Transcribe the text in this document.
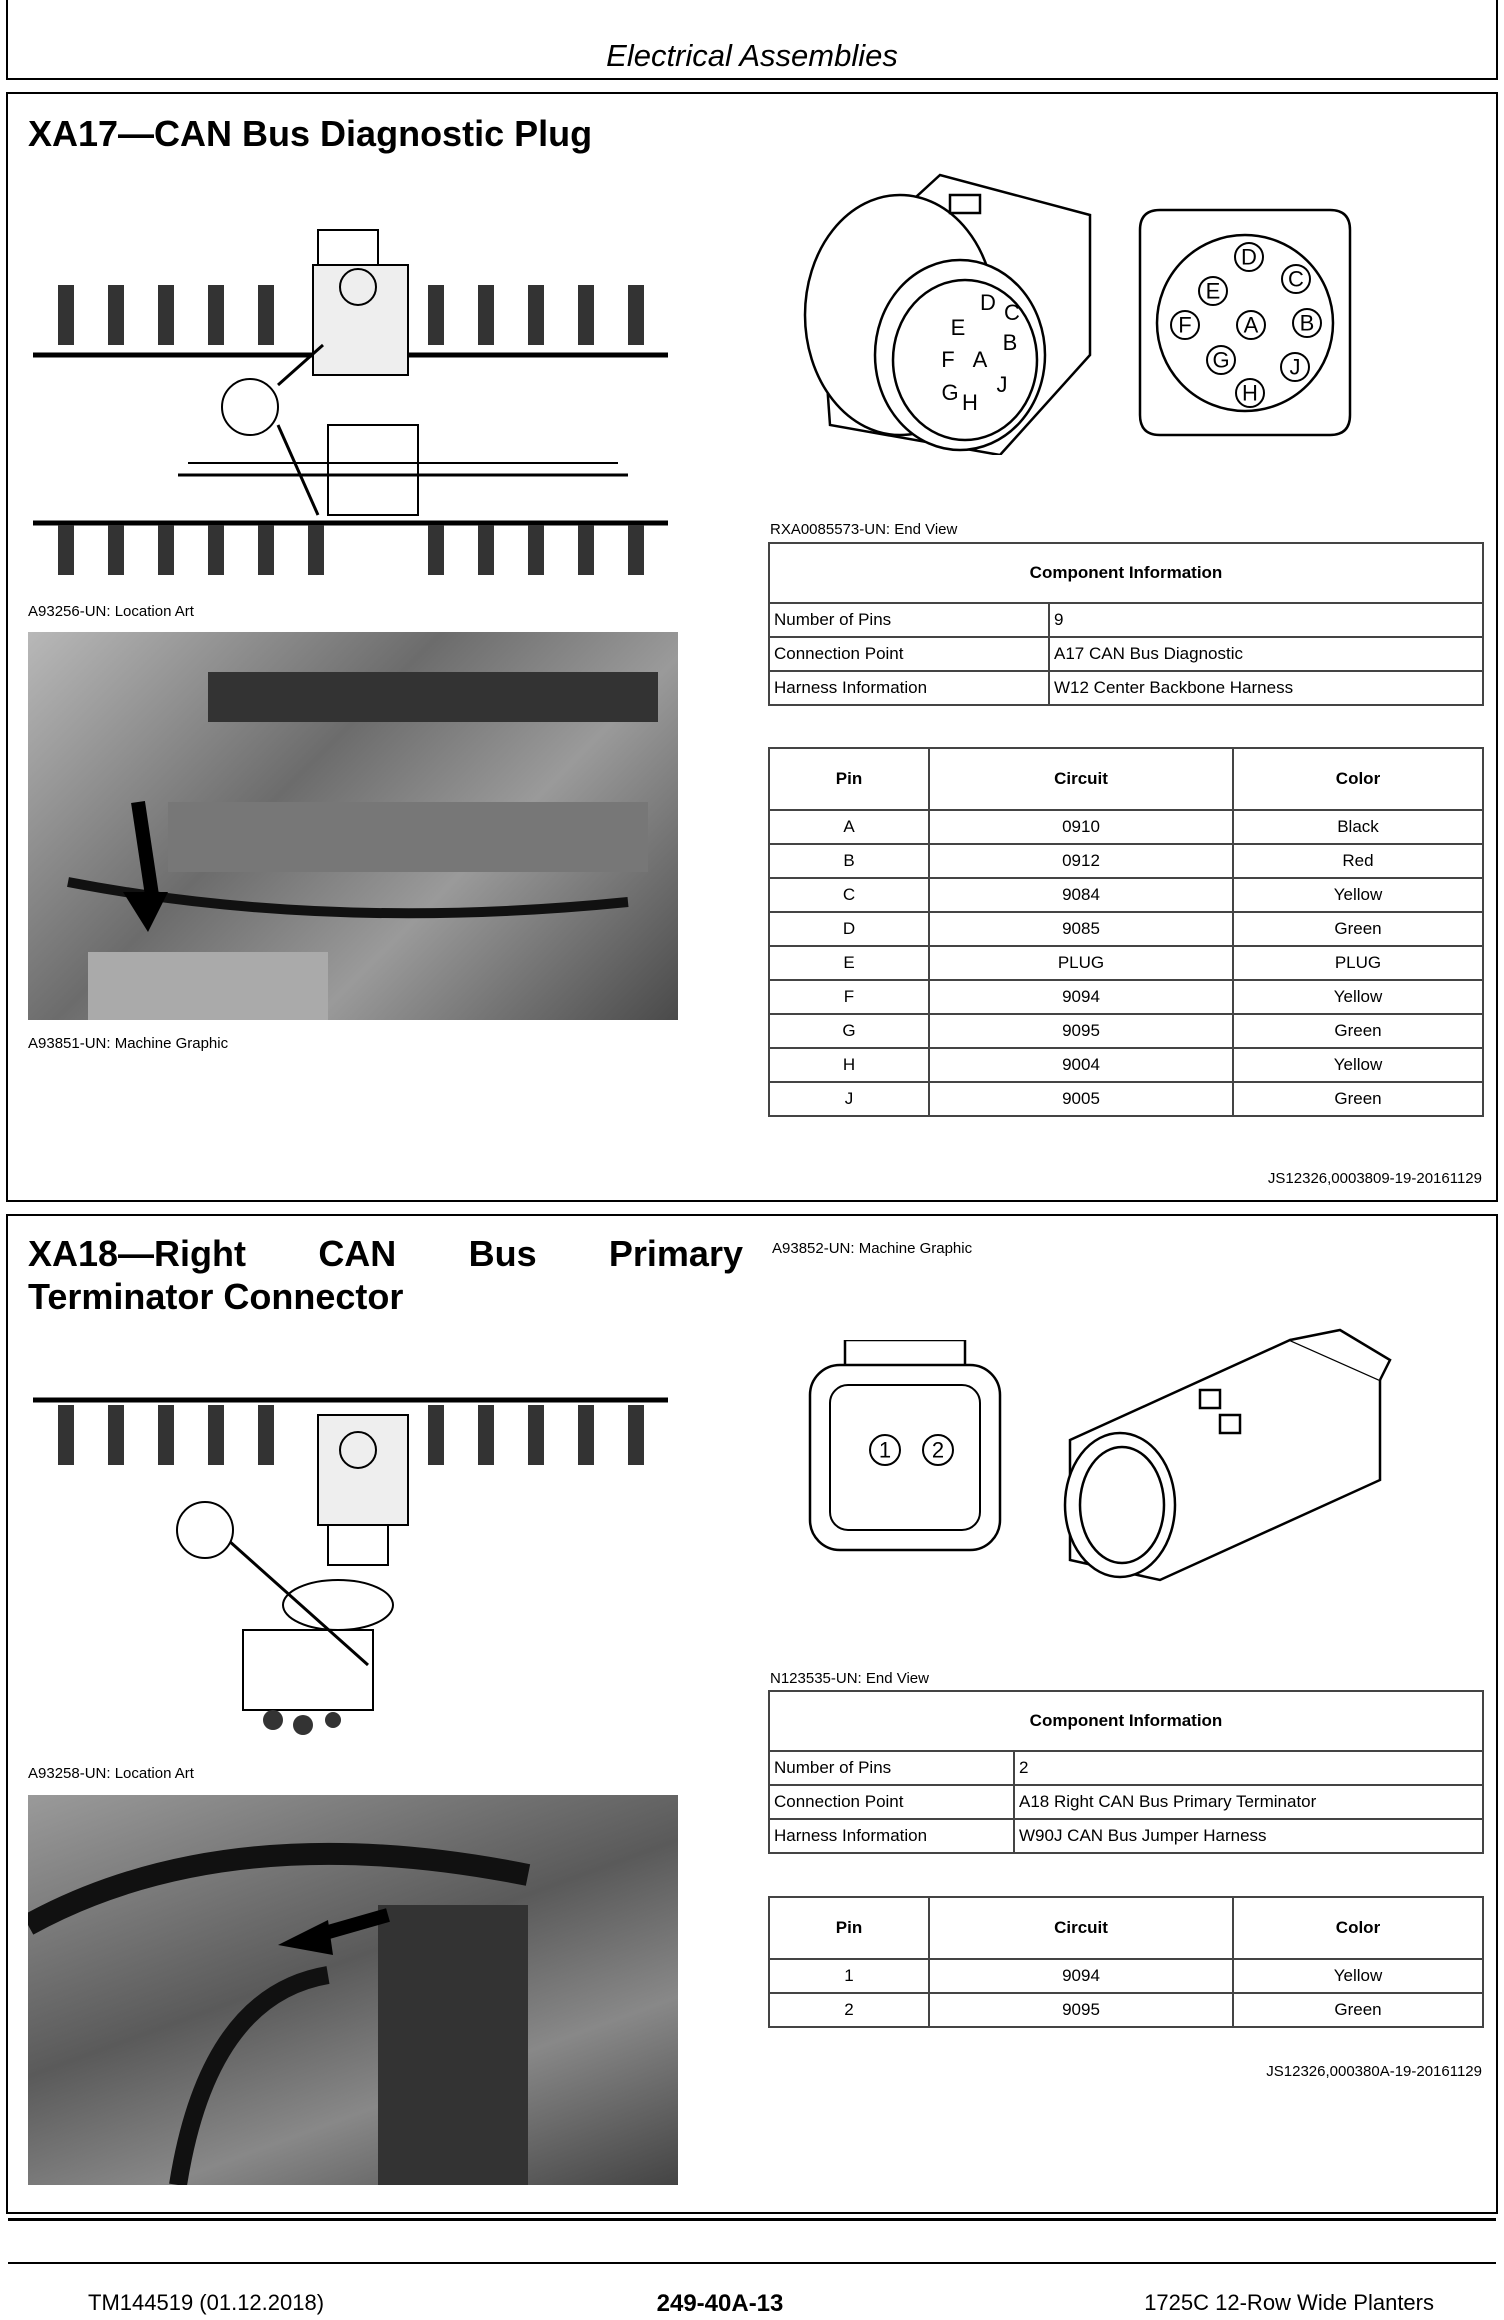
Electrical Assemblies
XA17—CAN Bus Diagnostic Plug
A93256-UN: Location Art
A93851-UN: Machine Graphic
D C
E
B
F A
G H
J
D
C
E
B
F A
G	J
H
RXA0085573-UN: End View
Component Information	
Number of Pins	9
Connection Point	A17 CAN Bus Diagnostic
Harness Information	W12 Center Backbone Harness
Pin	Circuit	Color
A	0910	Black
B	0912	Red
C	9084	Yellow
D	9085	Green
E	PLUG	PLUG
F	9094	Yellow
G	9095	Green
H	9004	Yellow
J	9005	Green
JS12326,0003809-19-20161129
XA18—Right CAN Bus Primary
Terminator Connector
A93852-UN: Machine Graphic
A93258-UN: Location Art
1 2
N123535-UN: End View
Component Information	
Number of Pins	2
Connection Point	A18 Right CAN Bus Primary Terminator
Harness Information	W90J CAN Bus Jumper Harness
Pin	Circuit	Color
1	9094	Yellow
2	9095	Green
JS12326,000380A-19-20161129
TM144519 (01.12.2018)	249-40A-13	1725C 12-Row Wide Planters
